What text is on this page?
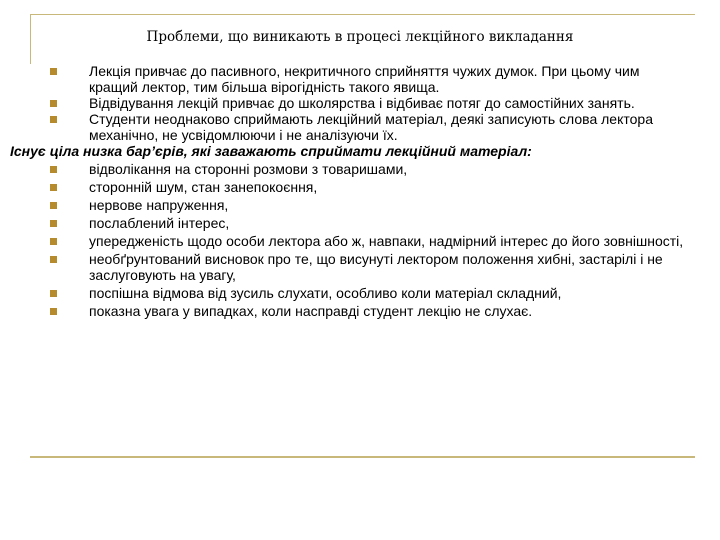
Проблеми, що виникають в процесі лекційного викладання
Лекція привчає до пасивного, некритичного сприйняття чужих думок. При цьому чим кращий лектор, тим більша вірогідність такого явища.
Відвідування лекцій привчає до школярства і відбиває потяг до самостійних занять.
Студенти неоднаково сприймають лекційний матеріал, деякі записують слова лектора механічно, не усвідомлюючи і не аналізуючи їх.
Існує ціла низка бар’єрів, які заважають сприймати лекційний матеріал:
відволікання на сторонні розмови з товаришами,
сторонній шум, стан занепокоєння,
нервове напруження,
послаблений інтерес,
упередженість щодо особи лектора або ж, навпаки, надмірний інтерес до його зовнішності,
необґрунтований висновок про те, що висунуті лектором положення хибні, застарілі і не заслуговують на увагу,
поспішна відмова від зусиль слухати, особливо коли матеріал складний,
показна увага у випадках, коли насправді студент лекцію не слухає.
